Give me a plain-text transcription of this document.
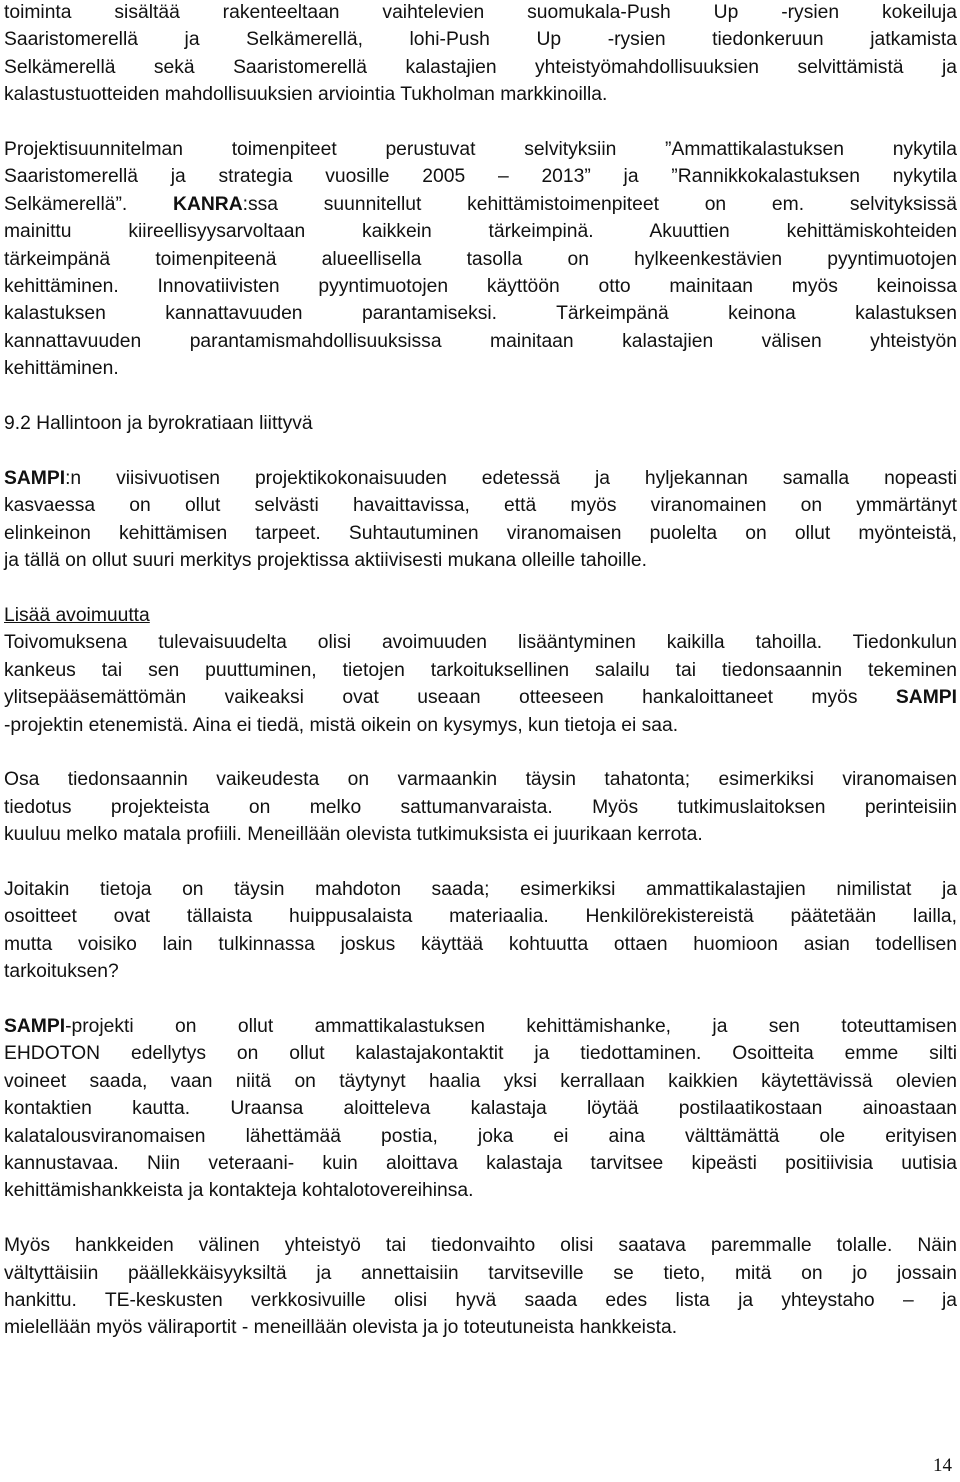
toiminta sisältää rakenteeltaan vaihtelevien suomukala-Push Up -rysien kokeiluja
Saaristomerellä ja Selkämerellä, lohi-Push Up -rysien tiedonkeruun jatkamista
Selkämerellä sekä Saaristomerellä kalastajien yhteistyömahdollisuuksien selvittämistä ja
kalastustuotteiden mahdollisuuksien arviointia Tukholman markkinoilla.
Projektisuunnitelman toimenpiteet perustuvat selvityksiin ”Ammattikalastuksen nykytila
Saaristomerellä ja strategia vuosille 2005 – 2013” ja ”Rannikkokalastuksen nykytila
Selkämerellä”. KANRA:ssa suunnitellut kehittämistoimenpiteet on em. selvityksissä
mainittu kiireellisyysarvoltaan kaikkein tärkeimpinä. Akuuttien kehittämiskohteiden
tärkeimpänä toimenpiteenä alueellisella tasolla on hylkeenkestävien pyyntimuotojen
kehittäminen. Innovatiivisten pyyntimuotojen käyttöön otto mainitaan myös keinoissa
kalastuksen kannattavuuden parantamiseksi. Tärkeimpänä keinona kalastuksen
kannattavuuden parantamismahdollisuuksissa mainitaan kalastajien välisen yhteistyön
kehittäminen.
9.2 Hallintoon ja byrokratiaan liittyvä
SAMPI:n viisivuotisen projektikokonaisuuden edetessä ja hyljekannan samalla nopeasti
kasvaessa on ollut selvästi havaittavissa, että myös viranomainen on ymmärtänyt
elinkeinon kehittämisen tarpeet. Suhtautuminen viranomaisen puolelta on ollut myönteistä,
ja tällä on ollut suuri merkitys projektissa aktiivisesti mukana olleille tahoille.
Lisää avoimuutta
Toivomuksena tulevaisuudelta olisi avoimuuden lisääntyminen kaikilla tahoilla. Tiedonkulun
kankeus tai sen puuttuminen, tietojen tarkoituksellinen salailu tai tiedonsaannin tekeminen
ylitsepääsemättömän vaikeaksi ovat useaan otteeseen hankaloittaneet myös SAMPI
-projektin etenemistä. Aina ei tiedä, mistä oikein on kysymys, kun tietoja ei saa.
Osa tiedonsaannin vaikeudesta on varmaankin täysin tahatonta; esimerkiksi viranomaisen
tiedotus projekteista on melko sattumanvaraista. Myös tutkimuslaitoksen perinteisiin
kuuluu melko matala profiili. Meneillään olevista tutkimuksista ei juurikaan kerrota.
Joitakin tietoja on täysin mahdoton saada; esimerkiksi ammattikalastajien nimilistat ja
osoitteet ovat tällaista huippusalaista materiaalia. Henkilörekistereistä päätetään lailla,
mutta voisiko lain tulkinnassa joskus käyttää kohtuutta ottaen huomioon asian todellisen
tarkoituksen?
SAMPI-projekti on ollut ammattikalastuksen kehittämishanke, ja sen toteuttamisen
EHDOTON edellytys on ollut kalastajakontaktit ja tiedottaminen. Osoitteita emme silti
voineet saada, vaan niitä on täytynyt haalia yksi kerrallaan kaikkien käytettävissä olevien
kontaktien kautta. Uraansa aloitteleva kalastaja löytää postilaatikostaan ainoastaan
kalatalousviranomaisen lähettämää postia, joka ei aina välttämättä ole erityisen
kannustavaa. Niin veteraani- kuin aloittava kalastaja tarvitsee kipeästi positiivisia uutisia
kehittämishankkeista ja kontakteja kohtalotovereihinsa.
Myös hankkeiden välinen yhteistyö tai tiedonvaihto olisi saatava paremmalle tolalle. Näin
vältyttäisiin päällekkäisyyksiltä ja annettaisiin tarvitseville se tieto, mitä on jo jossain
hankittu. TE-keskusten verkkosivuille olisi hyvä saada edes lista ja yhteystaho – ja
mielellään myös väliraportit - meneillään olevista ja jo toteutuneista hankkeista.
14
